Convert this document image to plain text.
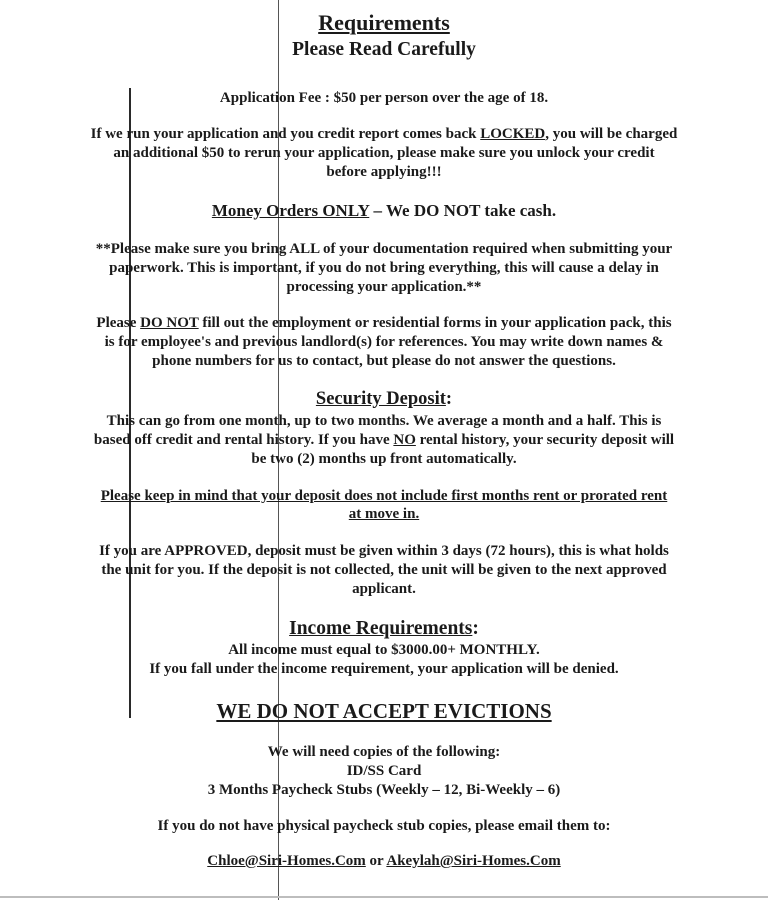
Requirements
Please Read Carefully
Application Fee : $50 per person over the age of 18.
If we run your application and you credit report comes back LOCKED, you will be charged
an additional $50 to rerun your application, please make sure you unlock your credit
before applying!!!
Money Orders ONLY – We DO NOT take cash.
**Please make sure you bring ALL of your documentation required when submitting your
paperwork. This is important, if you do not bring everything, this will cause a delay in
processing your application.**
Please DO NOT fill out the employment or residential forms in your application pack, this
is for employee's and previous landlord(s) for references. You may write down names &
phone numbers for us to contact, but please do not answer the questions.
Security Deposit:
This can go from one month, up to two months. We average a month and a half. This is
based off credit and rental history. If you have NO rental history, your security deposit will
be two (2) months up front automatically.
Please keep in mind that your deposit does not include first months rent or prorated rent
at move in.
If you are APPROVED, deposit must be given within 3 days (72 hours), this is what holds
the unit for you. If the deposit is not collected, the unit will be given to the next approved
applicant.
Income Requirements:
All income must equal to $3000.00+ MONTHLY.
If you fall under the income requirement, your application will be denied.
WE DO NOT ACCEPT EVICTIONS
We will need copies of the following:
ID/SS Card
3 Months Paycheck Stubs (Weekly – 12, Bi-Weekly – 6)
If you do not have physical paycheck stub copies, please email them to:
Chloe@Siri-Homes.Com or Akeylah@Siri-Homes.Com
